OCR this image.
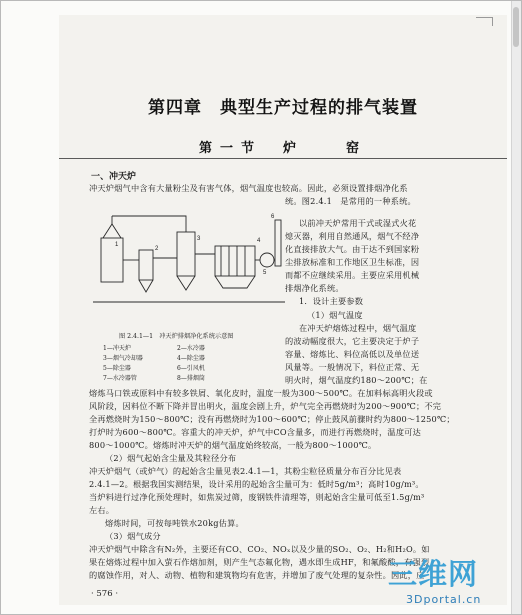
第四章　典型生产过程的排气装置
第一节　炉　　窑
一、冲天炉
冲天炉烟气中含有大量粉尘及有害气体，烟气温度也较高。因此，必须设置排烟净化系
统。图2.4.1　是常用的一种系统。
1
2
3	4
5
6
以前冲天炉常用干式或湿式火花
熄灭器，利用自然通风，烟气不经净
化直接排放大气。由于达不到国家粉
尘排放标准和工作地区卫生标准，因
而都不应继续采用。主要应采用机械
排烟净化系统。
1．设计主要参数
（1）烟气温度
在冲天炉熔炼过程中，烟气温度
的波动幅度很大，它主要决定于炉子
容量、熔炼比、料位高低以及单位送
风量等。一般情况下，料位正常、无
明火时，烟气温度约180～200℃；在
图 2.4.1—1　冲天炉排烟净化系统示意图
1—冲天炉	2—水冷器
3—烟气冷却器	4—除尘器
5—除尘器	6—引风机
7—水冷器管	8—排烟筒
熔炼马口铁或原料中有较多铁屑、氧化皮时，温度一般为300～500℃。在加料标高明火段或
风阶段，因料位不断下降并冒出明火，温度会剧上升，炉气完全再燃烧时为200～900℃；不完
全再燃烧时为150～800℃；没有再燃烧时为100～600℃；停止鼓风前骤时约为800～1250℃；
打炉时为600～800℃。容重大的冲天炉，炉气中CO含量多，而进行再燃烧时，温度可达
800～1000℃。熔炼时冲天炉的烟气温度始终较高，一般为800～1000℃。
（2）烟气起始含尘量及其粒径分布
冲天炉烟气（或炉气）的起始含尘量见表2.4.1—1，其粉尘粒径质量分布百分比见表
2.4.1—2。根据我国实测结果，设计采用的起始含尘量可为：低时5g/m³；高时10g/m³。
当炉料进行过净化预处理时，如焦炭过筛，废钢铁件清理等，则起始含尘量可低至1.5g/m³
左右。
熔炼时间，可按每吨铁水20kg估算。
（3）烟气成分
冲天炉烟气中除含有N₂外，主要还有CO、CO₂、NOₓ以及少量的SO₂、O₂、H₂和H₂O。如
果在熔炼过程中加入萤石作熔加剂，则产生气态氟化物，遇水即生成HF，和氟酸酸，有强烈
的腐蚀作用，对人、动物、植物和建筑物均有危害，并增加了废气处理的复杂性。因此，应
· 576 ·
三维网
3Dportal.cn
